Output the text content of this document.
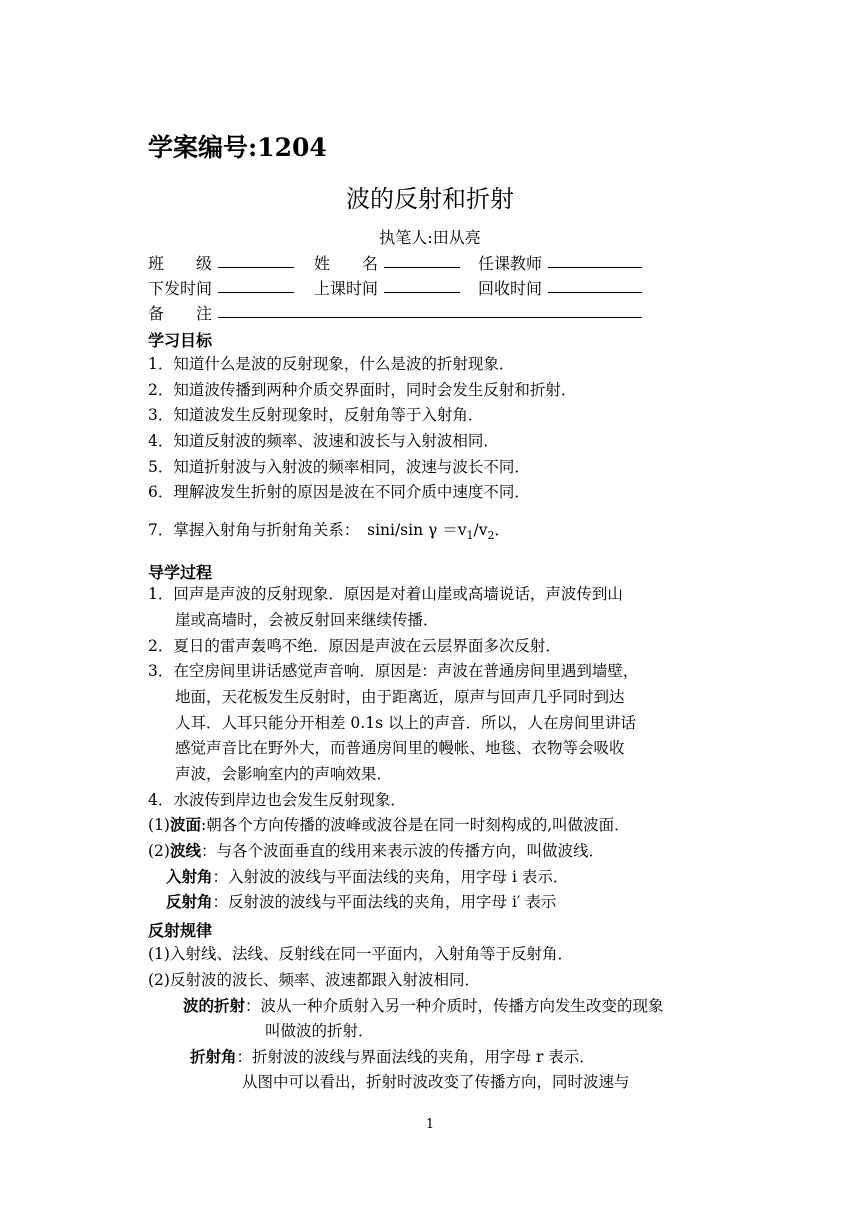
学案编号:1204
波的反射和折射
执笔人:田从亮
班　　级	姓　　名	任课教师
下发时间	上课时间	回收时间
备　　注
学习目标
1．知道什么是波的反射现象，什么是波的折射现象．
2．知道波传播到两种介质交界面时，同时会发生反射和折射．
3．知道波发生反射现象时，反射角等于入射角．
4．知道反射波的频率、波速和波长与入射波相同．
5．知道折射波与入射波的频率相同，波速与波长不同．
6．理解波发生折射的原因是波在不同介质中速度不同．
7．掌握入射角与折射角关系：　sini/sin $\gamma =v_1/v_2$．
导学过程
1．回声是声波的反射现象．原因是对着山崖或高墙说话，声波传到山
崖或高墙时，会被反射回来继续传播．
2．夏日的雷声轰鸣不绝．原因是声波在云层界面多次反射．
3．在空房间里讲话感觉声音响．原因是：声波在普通房间里遇到墙壁，
地面，天花板发生反射时，由于距离近，原声与回声几乎同时到达
人耳．人耳只能分开相差 0.1s 以上的声音．所以，人在房间里讲话
感觉声音比在野外大，而普通房间里的幔帐、地毯、衣物等会吸收
声波，会影响室内的声响效果．
4．水波传到岸边也会发生反射现象．
(1)波面:朝各个方向传播的波峰或波谷是在同一时刻构成的,叫做波面．
(2)波线：与各个波面垂直的线用来表示波的传播方向，叫做波线．
入射角：入射波的波线与平面法线的夹角，用字母 i 表示．
反射角：反射波的波线与平面法线的夹角，用字母 i′ 表示
反射规律
(1)入射线、法线、反射线在同一平面内，入射角等于反射角．
(2)反射波的波长、频率、波速都跟入射波相同．
波的折射：波从一种介质射入另一种介质时，传播方向发生改变的现象
叫做波的折射．
折射角：折射波的波线与界面法线的夹角，用字母 r 表示．
从图中可以看出，折射时波改变了传播方向，同时波速与
1
